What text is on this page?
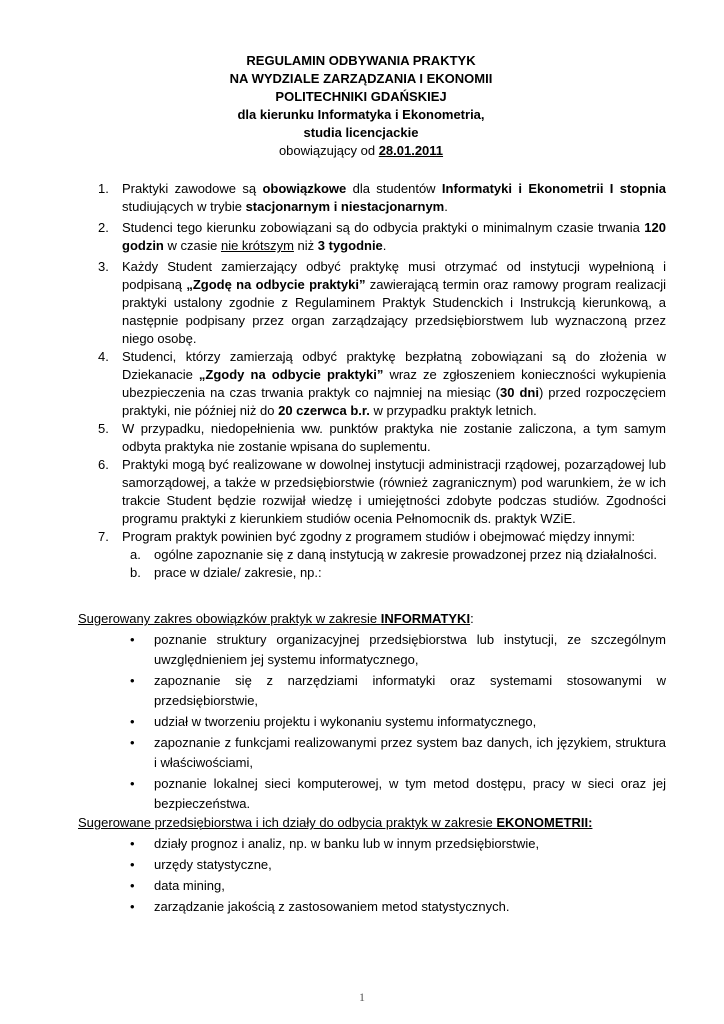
REGULAMIN ODBYWANIA PRAKTYK
NA WYDZIALE ZARZĄDZANIA I EKONOMII
POLITECHNIKI GDAŃSKIEJ
dla kierunku Informatyka i Ekonometria,
studia licencjackie
obowiązujący od 28.01.2011
1. Praktyki zawodowe są obowiązkowe dla studentów Informatyki i Ekonometrii I stopnia studiujących w trybie stacjonarnym i niestacjonarnym.
2. Studenci tego kierunku zobowiązani są do odbycia praktyki o minimalnym czasie trwania 120 godzin w czasie nie krótszym niż 3 tygodnie.
3. Każdy Student zamierzający odbyć praktykę musi otrzymać od instytucji wypełnioną i podpisaną „Zgodę na odbycie praktyki” zawierającą termin oraz ramowy program realizacji praktyki ustalony zgodnie z Regulaminem Praktyk Studenckich i Instrukcją kierunkową, a następnie podpisany przez organ zarządzający przedsiębiorstwem lub wyznaczoną przez niego osobę.
4. Studenci, którzy zamierzają odbyć praktykę bezpłatną zobowiązani są do złożenia w Dziekanacie „Zgody na odbycie praktyki” wraz ze zgłoszeniem konieczności wykupienia ubezpieczenia na czas trwania praktyk co najmniej na miesiąc (30 dni) przed rozpoczęciem praktyki, nie później niż do 20 czerwca b.r. w przypadku praktyk letnich.
5. W przypadku, niedopełnienia ww. punktów praktyka nie zostanie zaliczona, a tym samym odbyta praktyka nie zostanie wpisana do suplementu.
6. Praktyki mogą być realizowane w dowolnej instytucji administracji rządowej, pozarządowej lub samorządowej, a także w przedsiębiorstwie (również zagranicznym) pod warunkiem, że w ich trakcie Student będzie rozwijał wiedzę i umiejętności zdobyte podczas studiów. Zgodności programu praktyki z kierunkiem studiów ocenia Pełnomocnik ds. praktyk WZiE.
7. Program praktyk powinien być zgodny z programem studiów i obejmować między innymi:
a. ogólne zapoznanie się z daną instytucją w zakresie prowadzonej przez nią działalności.
b. prace w dziale/ zakresie, np.:
Sugerowany zakres obowiązków praktyk w zakresie INFORMATYKI:
• poznanie struktury organizacyjnej przedsiębiorstwa lub instytucji, ze szczególnym uwzględnieniem jej systemu informatycznego,
• zapoznanie się z narzędziami informatyki oraz systemami stosowanymi w przedsiębiorstwie,
• udział w tworzeniu projektu i wykonaniu systemu informatycznego,
• zapoznanie z funkcjami realizowanymi przez system baz danych, ich językiem, struktura i właściwościami,
• poznanie lokalnej sieci komputerowej, w tym metod dostępu, pracy w sieci oraz jej bezpieczeństwa.
Sugerowane przedsiębiorstwa i ich działy do odbycia praktyk w zakresie EKONOMETRII:
• działy prognoz i analiz, np. w banku lub w innym przedsiębiorstwie,
• urzędy statystyczne,
• data mining,
• zarządzanie jakością z zastosowaniem metod statystycznych.
1
